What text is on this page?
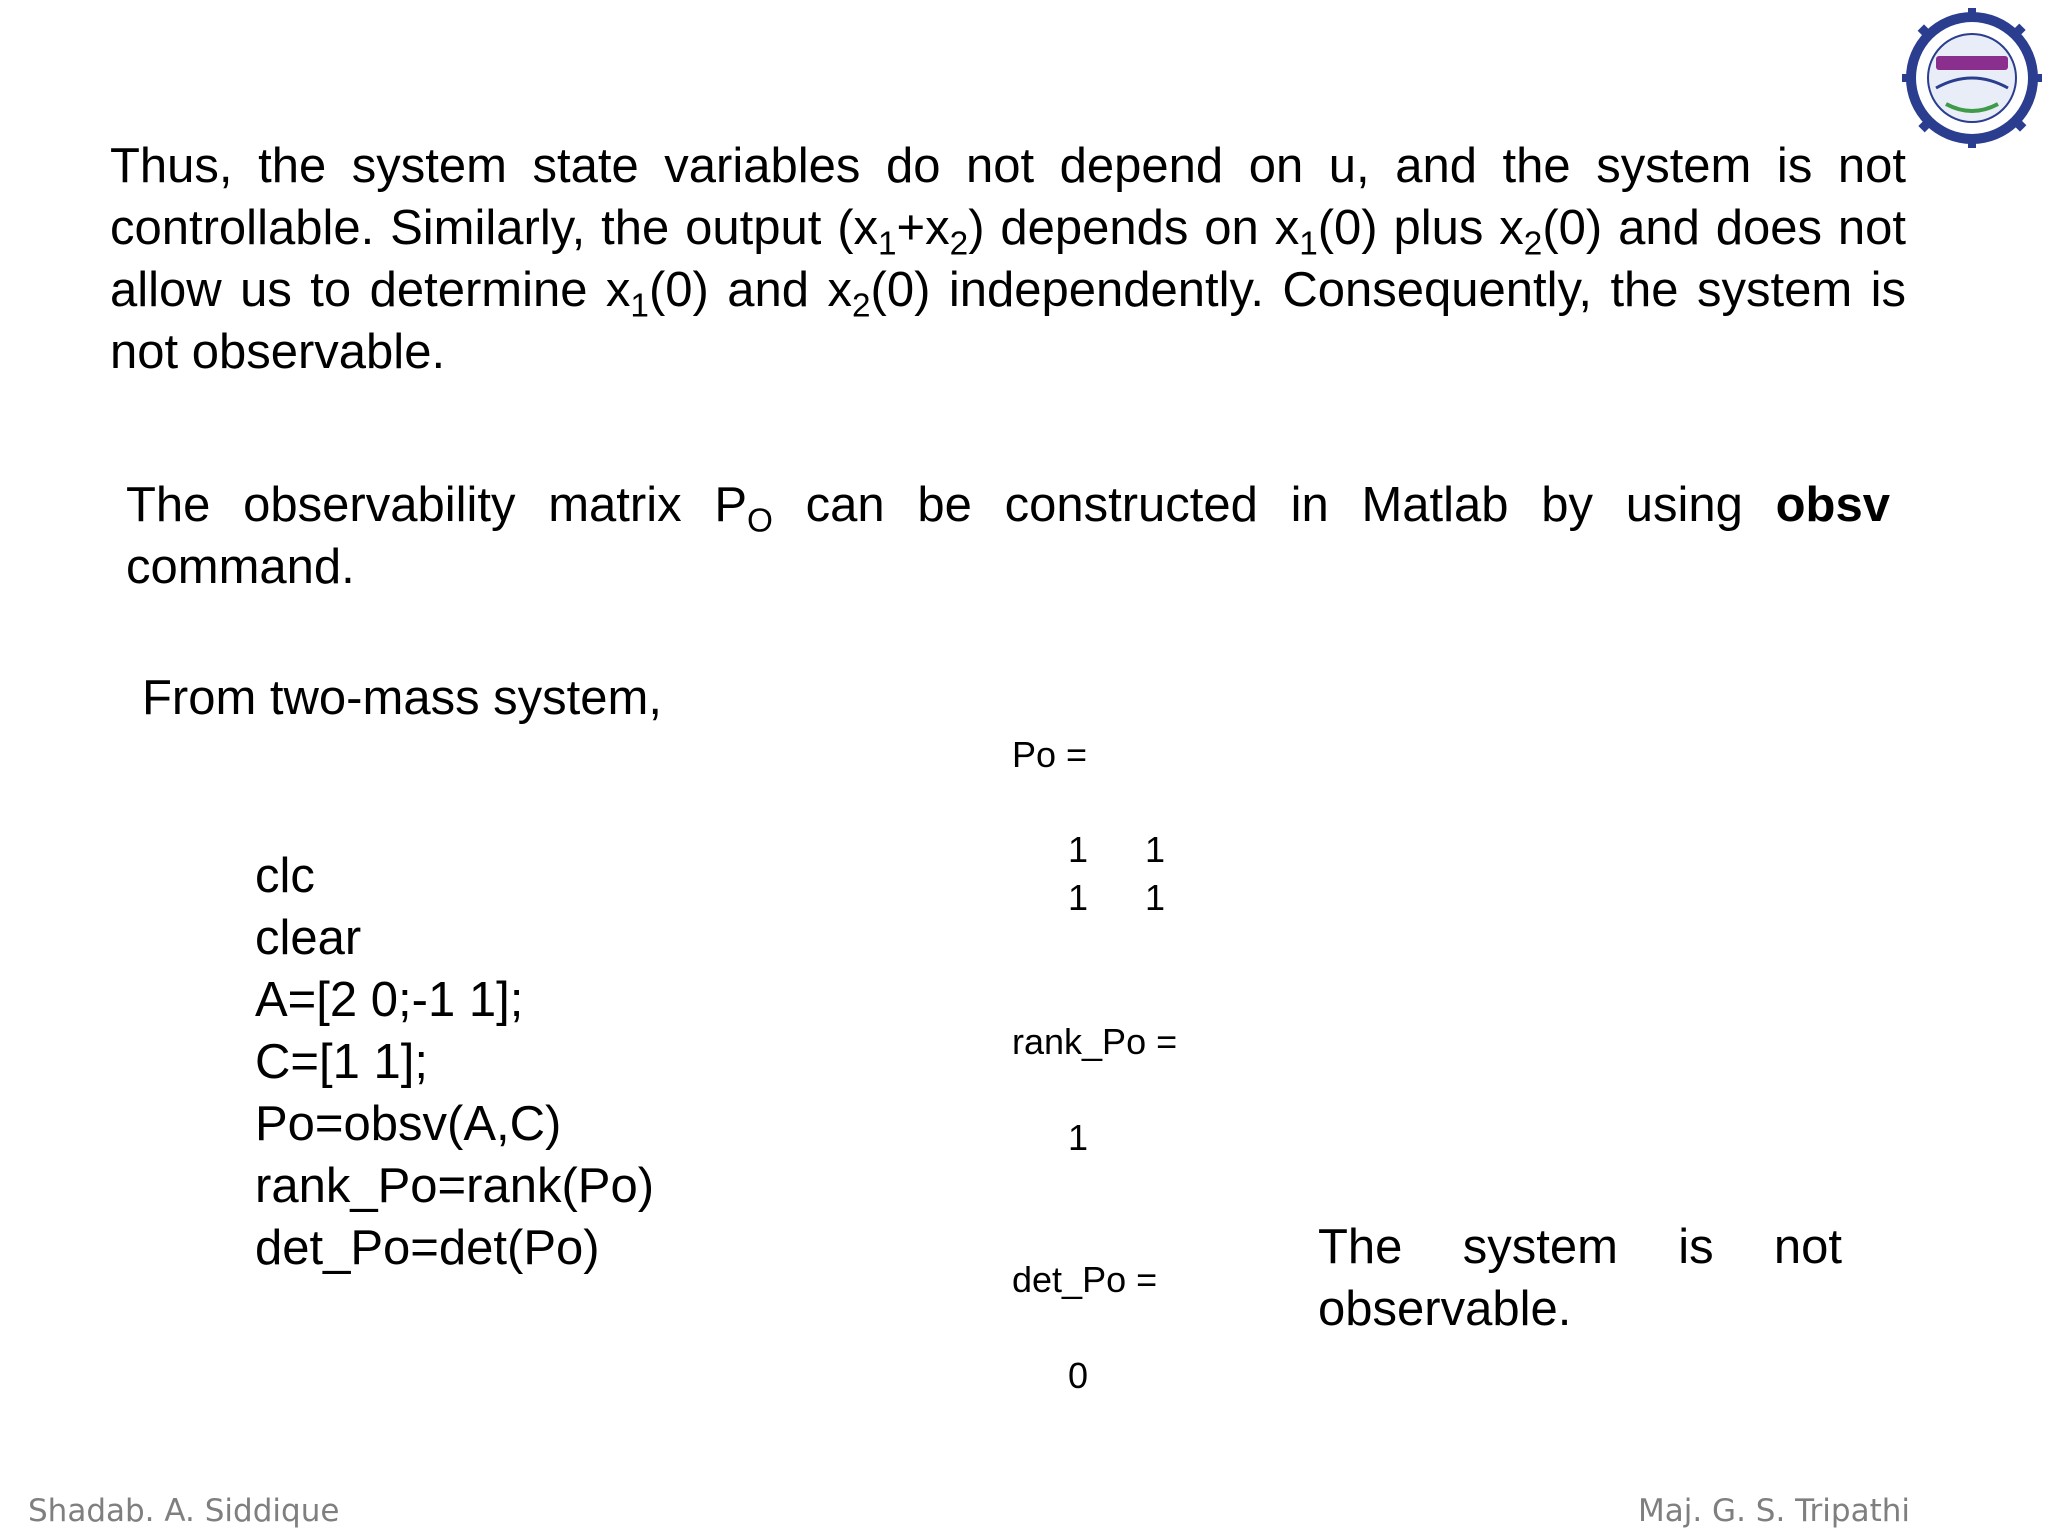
Thus, the system state variables do not depend on u, and the system is not controllable. Similarly, the output $(x_1+x_2)$ depends on $x_1(0)$ plus $x_2(0)$ and does not allow us to determine $x_1(0)$ and $x_2(0)$ independently. Consequently, the system is not observable.

The observability matrix $P_O$ can be constructed in Matlab by using obsv command.

From two-mass system,

clc
clear
A=[2 0;-1 1];
C=[1 1];
Po=obsv(A,C)
rank_Po=rank(Po)
det_Po=det(Po)

Po =

1 1
1 1

rank_Po =

1

det_Po =

0

The system is not observable.

Shadab. A. Siddique	Maj. G. S. Tripathi
